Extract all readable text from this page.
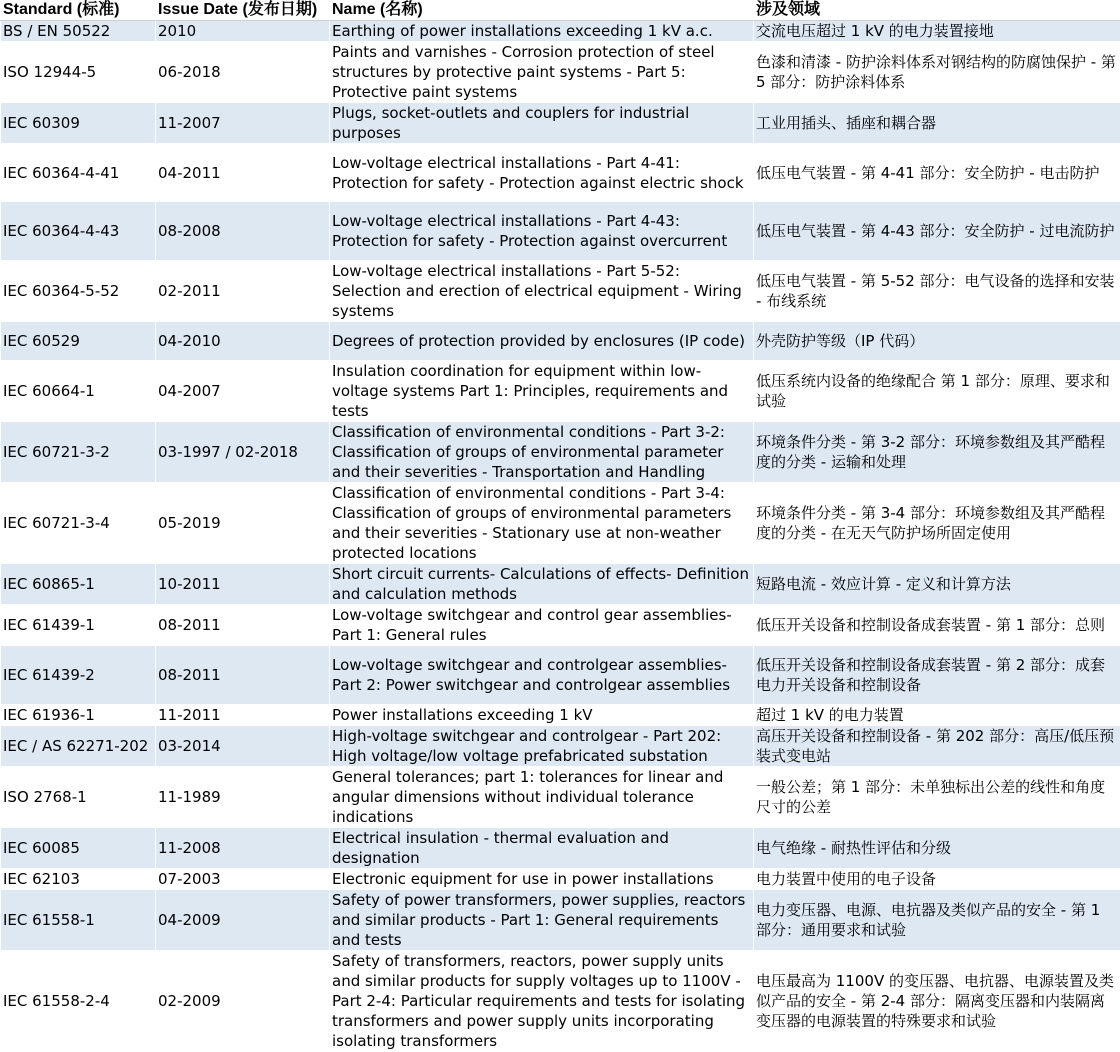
Standard (标准)	Issue Date (发布日期)	Name (名称)	涉及领域
BS / EN 50522	2010	Earthing of power installations exceeding 1 kV a.c.	交流电压超过 1 kV 的电力装置接地
ISO 12944-5	06-2018	Paints and varnishes - Corrosion protection of steel structures by protective paint systems - Part 5: Protective paint systems	色漆和清漆 - 防护涂料体系对钢结构的防腐蚀保护 - 第 5 部分：防护涂料体系
IEC 60309	11-2007	Plugs, socket-outlets and couplers for industrial purposes	工业用插头、插座和耦合器
IEC 60364-4-41	04-2011	Low-voltage electrical installations - Part 4-41: Protection for safety - Protection against electric shock	低压电气装置 - 第 4-41 部分：安全防护 - 电击防护
IEC 60364-4-43	08-2008	Low-voltage electrical installations - Part 4-43: Protection for safety - Protection against overcurrent	低压电气装置 - 第 4-43 部分：安全防护 - 过电流防护
IEC 60364-5-52	02-2011	Low-voltage electrical installations - Part 5-52: Selection and erection of electrical equipment - Wiring systems	低压电气装置 - 第 5-52 部分：电气设备的选择和安装 - 布线系统
IEC 60529	04-2010	Degrees of protection provided by enclosures (IP code)	外壳防护等级（IP 代码）
IEC 60664-1	04-2007	Insulation coordination for equipment within low-voltage systems Part 1: Principles, requirements and tests	低压系统内设备的绝缘配合 第 1 部分：原理、要求和试验
IEC 60721-3-2	03-1997 / 02-2018	Classification of environmental conditions - Part 3-2: Classification of groups of environmental parameter and their severities - Transportation and Handling	环境条件分类 - 第 3-2 部分：环境参数组及其严酷程度的分类 - 运输和处理
IEC 60721-3-4	05-2019	Classification of environmental conditions - Part 3-4: Classification of groups of environmental parameters and their severities - Stationary use at non-weather protected locations	环境条件分类 - 第 3-4 部分：环境参数组及其严酷程度的分类 - 在无天气防护场所固定使用
IEC 60865-1	10-2011	Short circuit currents- Calculations of effects- Definition and calculation methods	短路电流 - 效应计算 - 定义和计算方法
IEC 61439-1	08-2011	Low-voltage switchgear and control gear assemblies- Part 1: General rules	低压开关设备和控制设备成套装置 - 第 1 部分：总则
IEC 61439-2	08-2011	Low-voltage switchgear and controlgear assemblies- Part 2: Power switchgear and controlgear assemblies	低压开关设备和控制设备成套装置 - 第 2 部分：成套电力开关设备和控制设备
IEC 61936-1	11-2011	Power installations exceeding 1 kV	超过 1 kV 的电力装置
IEC / AS 62271-202	03-2014	High-voltage switchgear and controlgear - Part 202: High voltage/low voltage prefabricated substation	高压开关设备和控制设备 - 第 202 部分：高压/低压预装式变电站
ISO 2768-1	11-1989	General tolerances; part 1: tolerances for linear and angular dimensions without individual tolerance indications	一般公差；第 1 部分：未单独标出公差的线性和角度尺寸的公差
IEC 60085	11-2008	Electrical insulation - thermal evaluation and designation	电气绝缘 - 耐热性评估和分级
IEC 62103	07-2003	Electronic equipment for use in power installations	电力装置中使用的电子设备
IEC 61558-1	04-2009	Safety of power transformers, power supplies, reactors and similar products - Part 1: General requirements and tests	电力变压器、电源、电抗器及类似产品的安全 - 第 1 部分：通用要求和试验
IEC 61558-2-4	02-2009	Safety of transformers, reactors, power supply units and similar products for supply voltages up to 1100V - Part 2-4: Particular requirements and tests for isolating transformers and power supply units incorporating isolating transformers	电压最高为 1100V 的变压器、电抗器、电源装置及类似产品的安全 - 第 2-4 部分：隔离变压器和内装隔离变压器的电源装置的特殊要求和试验
